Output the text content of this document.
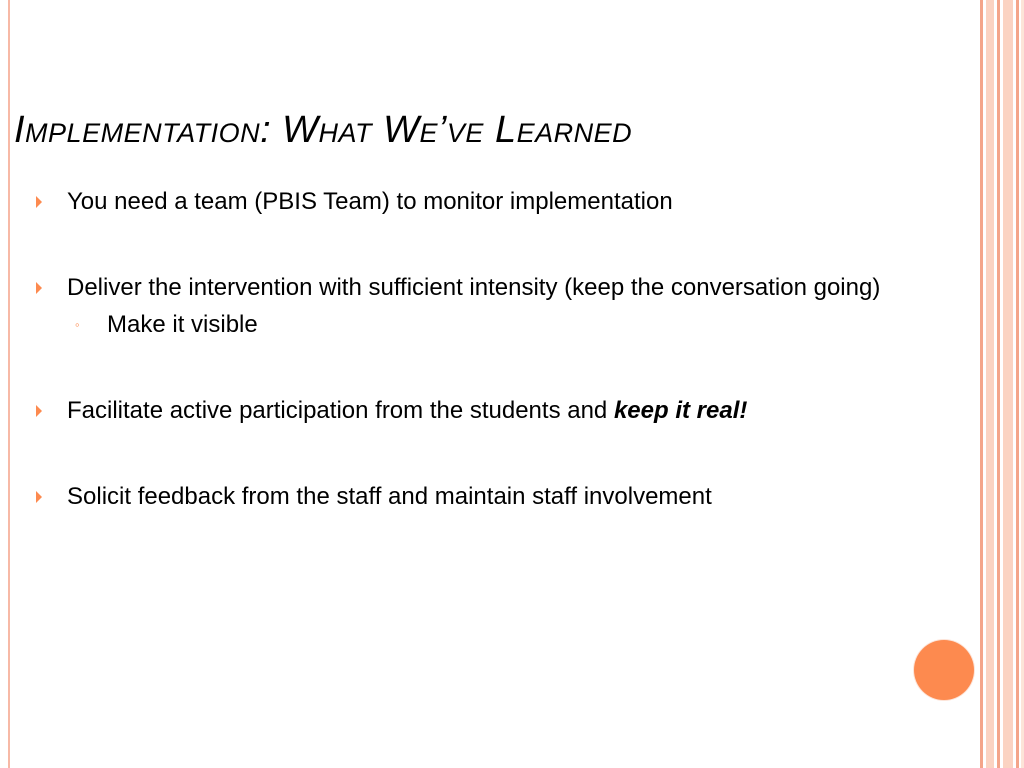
Implementation: What We’ve Learned
You need a team (PBIS Team) to monitor implementation
Deliver the intervention with sufficient intensity (keep the conversation going)
◦ Make it visible
Facilitate active participation from the students and keep it real!
Solicit feedback from the staff and maintain staff involvement
